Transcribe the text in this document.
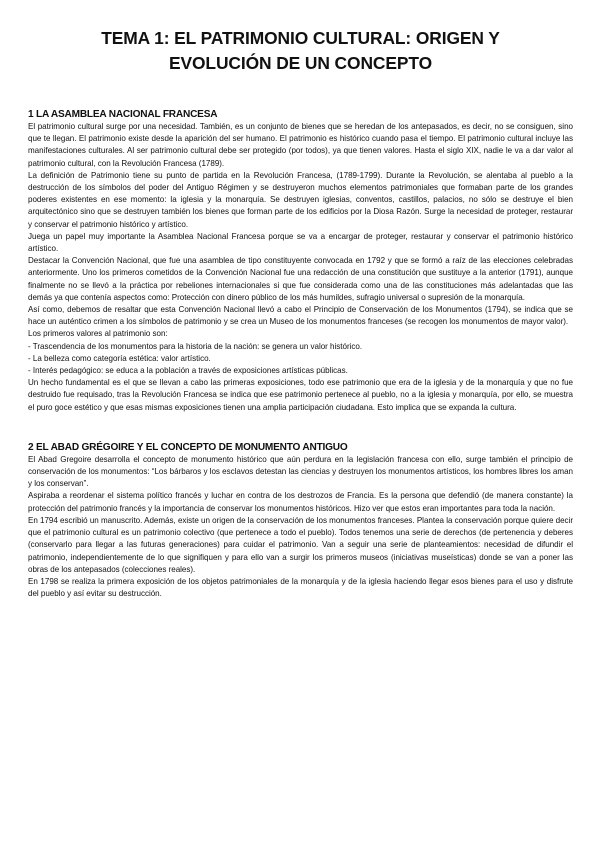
TEMA 1: EL PATRIMONIO CULTURAL: ORIGEN Y
EVOLUCIÓN DE UN CONCEPTO
1 LA ASAMBLEA NACIONAL FRANCESA

El patrimonio cultural surge por una necesidad. También, es un conjunto de bienes que se heredan de los antepasados, es decir, no se consiguen, sino que te llegan. El patrimonio existe desde la aparición del ser humano. El patrimonio es histórico cuando pasa el tiempo. El patrimonio cultural incluye las manifestaciones culturales. Al ser patrimonio cultural debe ser protegido (por todos), ya que tienen valores. Hasta el siglo XIX, nadie le va a dar valor al patrimonio cultural, con la Revolución Francesa (1789).

La definición de Patrimonio tiene su punto de partida en la Revolución Francesa, (1789-1799). Durante la Revolución, se alentaba al pueblo a la destrucción de los símbolos del poder del Antiguo Régimen y se destruyeron muchos elementos patrimoniales que formaban parte de los grandes poderes existentes en ese momento: la iglesia y la monarquía. Se destruyen iglesias, conventos, castillos, palacios, no sólo se destruye el bien arquitectónico sino que se destruyen también los bienes que forman parte de los edificios por la Diosa Razón. Surge la necesidad de proteger, restaurar y conservar el patrimonio histórico y artístico.

Juega un papel muy importante la Asamblea Nacional Francesa porque se va a encargar de proteger, restaurar y conservar el patrimonio histórico artístico.

Destacar la Convención Nacional, que fue una asamblea de tipo constituyente convocada en 1792 y que se formó a raíz de las elecciones celebradas anteriormente. Uno los primeros cometidos de la Convención Nacional fue una redacción de una constitución que sustituye a la anterior (1791), aunque finalmente no se llevó a la práctica por rebeliones internacionales si que fue considerada como una de las constituciones más adelantadas que las demás ya que contenía aspectos como: Protección con dinero público de los más humildes, sufragio universal o supresión de la monarquía.

Así como, debemos de resaltar que esta Convención Nacional llevó a cabo el Principio de Conservación de los Monumentos (1794), se indica que se hace un auténtico crimen a los símbolos de patrimonio y se crea un Museo de los monumentos franceses (se recogen los monumentos de mayor valor).

Los primeros valores al patrimonio son:

- Trascendencia de los monumentos para la historia de la nación: se genera un valor histórico.

- La belleza como categoría estética: valor artístico.

- Interés pedagógico: se educa a la población a través de exposiciones artísticas públicas.

Un hecho fundamental es el que se llevan a cabo las primeras exposiciones, todo ese patrimonio que era de la iglesia y de la monarquía y que no fue destruido fue requisado, tras la Revolución Francesa se indica que ese patrimonio pertenece al pueblo, no a la iglesia y monarquía, por ello, se muestra el puro goce estético y que esas mismas exposiciones tienen una amplia participación ciudadana. Esto implica que se expanda la cultura.

2 EL ABAD GRÉGOIRE Y EL CONCEPTO DE MONUMENTO ANTIGUO

El Abad Gregoire desarrolla el concepto de monumento histórico que aún perdura en la legislación francesa con ello, surge también el principio de conservación de los monumentos: “Los bárbaros y los esclavos detestan las ciencias y destruyen los monumentos artísticos, los hombres libres los aman y los conservan”.

Aspiraba a reordenar el sistema político francés y luchar en contra de los destrozos de Francia. Es la persona que defendió (de manera constante) la protección del patrimonio francés y la importancia de conservar los monumentos históricos. Hizo ver que estos eran importantes para toda la nación.

En 1794 escribió un manuscrito. Además, existe un origen de la conservación de los monumentos franceses. Plantea la conservación porque quiere decir que el patrimonio cultural es un patrimonio colectivo (que pertenece a todo el pueblo). Todos tenemos una serie de derechos (de pertenencia y deberes (conservarlo para llegar a las futuras generaciones) para cuidar el patrimonio. Van a seguir una serie de planteamientos: necesidad de difundir el patrimonio, independientemente de lo que signifiquen y para ello van a surgir los primeros museos (iniciativas museísticas) donde se van a poner las obras de los antepasados (colecciones reales).

En 1798 se realiza la primera exposición de los objetos patrimoniales de la monarquía y de la iglesia haciendo llegar esos bienes para el uso y disfrute del pueblo y así evitar su destrucción.
